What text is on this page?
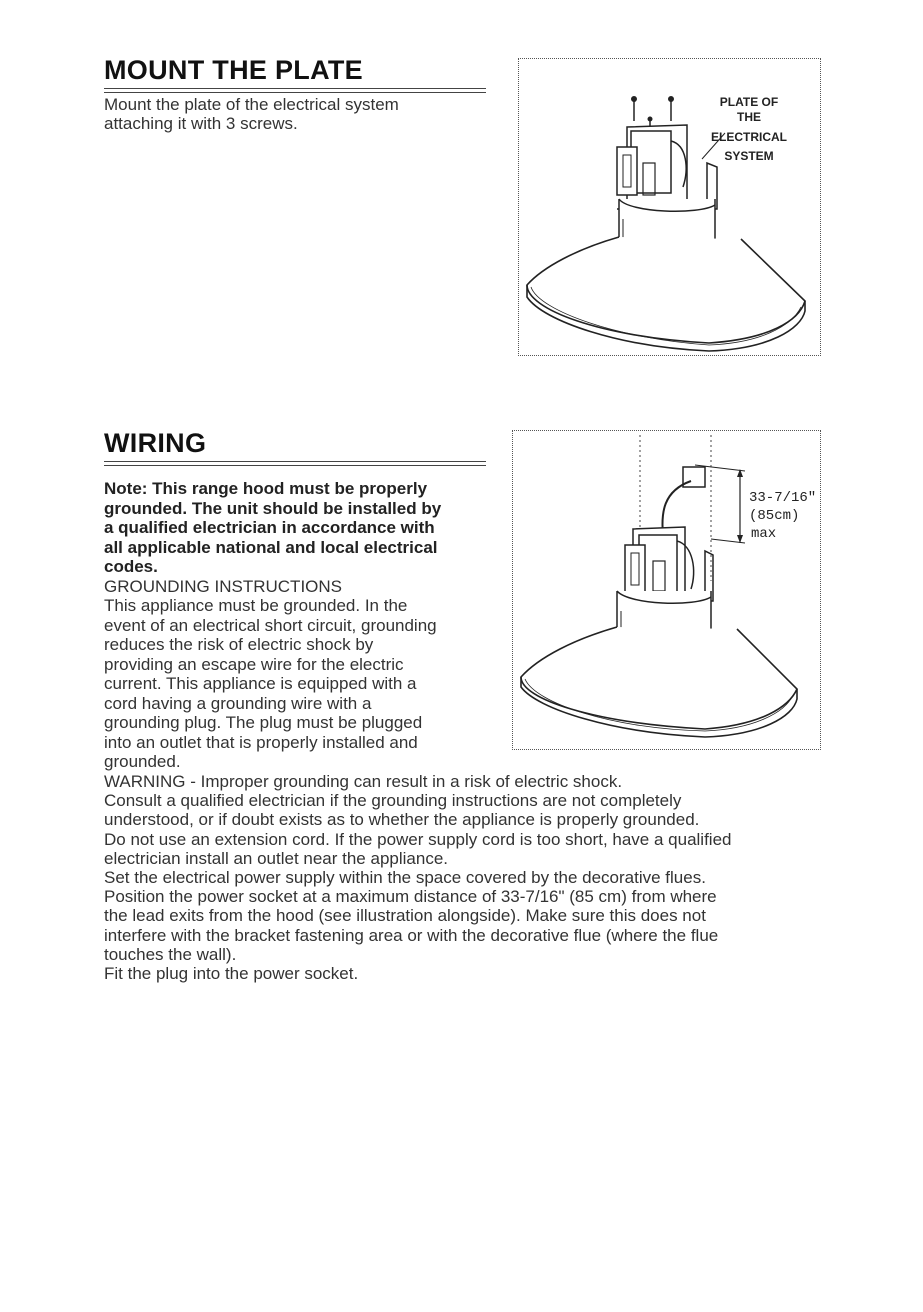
MOUNT THE PLATE

Mount the plate of the electrical system

attaching it with 3 screws.

PLATE OF
THE
ELECTRICAL
SYSTEM
WIRING

Note: This range hood must be properly

grounded. The unit should be installed by

a qualified electrician in accordance with

all applicable national and local electrical

codes.

GROUNDING INSTRUCTIONS

This appliance must be grounded. In the

event of an electrical short circuit, grounding

reduces the risk of electric shock by

providing an escape wire for the electric

current. This appliance is equipped with a

cord having a grounding wire with a

grounding plug. The plug must be plugged

into an outlet that is properly installed and

grounded.

WARNING - Improper grounding can result in a risk of electric shock.

Consult a qualified electrician if the grounding instructions are not completely

understood, or if doubt exists as to whether the appliance is properly grounded.

Do not use an extension cord. If the power supply cord is too short, have a qualified

electrician install an outlet near the appliance.

Set the electrical power supply within the space covered by the decorative flues.

Position the power socket at a maximum distance of 33-7/16" (85 cm) from where

the lead exits from the hood (see illustration alongside). Make sure this does not

interfere with the bracket fastening area or with the decorative flue (where the flue

touches the wall).

Fit the plug into the power socket.

33-7/16"
(85cm)
max
